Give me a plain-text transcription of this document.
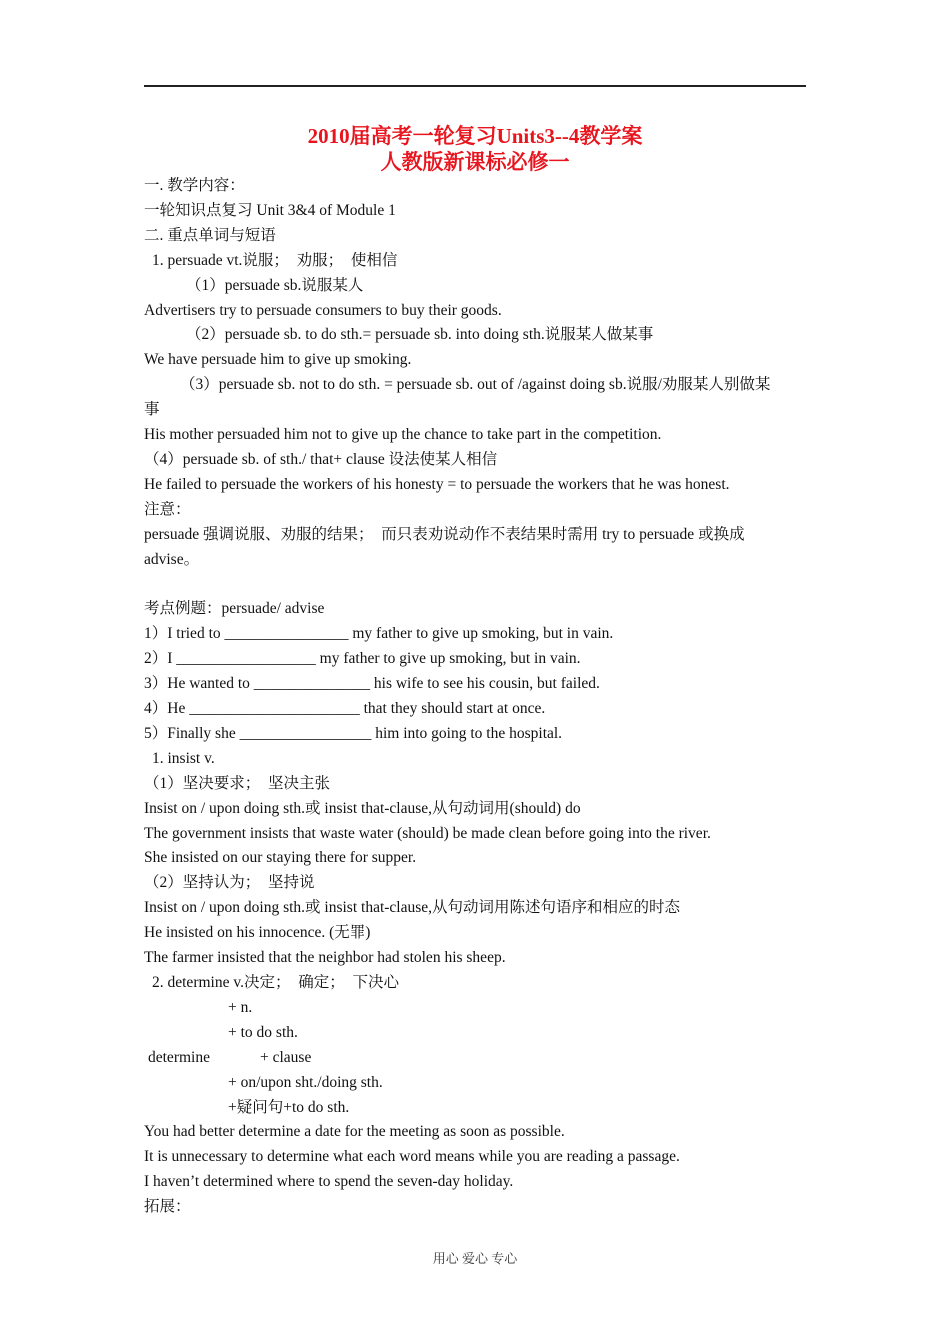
2010届高考一轮复习Units3--4教学案
人教版新课标必修一

一. 教学内容：

一轮知识点复习 Unit 3&4 of Module 1

二. 重点单词与短语

1. persuade vt.说服；  劝服；  使相信

（1）persuade sb.说服某人

Advertisers try to persuade consumers to buy their goods.

（2）persuade sb. to do sth.= persuade sb. into doing sth.说服某人做某事

We have persuade him to give up smoking.

（3）persuade sb. not to do sth. = persuade sb. out of /against doing sb.说服/劝服某人别做某

事

His mother persuaded him not to give up the chance to take part in the competition.

（4）persuade sb. of sth./ that+ clause 设法使某人相信

He failed to persuade the workers of his honesty = to persuade the workers that he was honest.

注意：

persuade 强调说服、劝服的结果；  而只表劝说动作不表结果时需用 try to persuade 或换成

advise。

考点例题：persuade/ advise

1）I tried to ________________ my father to give up smoking, but in vain.

2）I __________________ my father to give up smoking, but in vain.

3）He wanted to _______________ his wife to see his cousin, but failed.

4）He ______________________ that they should start at once.

5）Finally she _________________ him into going to the hospital.

1. insist v.

（1）坚决要求；  坚决主张

Insist on / upon doing sth.或 insist that-clause,从句动词用(should) do

The government insists that waste water (should) be made clean before going into the river.

She insisted on our staying there for supper.

（2）坚持认为；  坚持说

Insist on / upon doing sth.或 insist that-clause,从句动词用陈述句语序和相应的时态

He insisted on his innocence. (无罪)

The farmer insisted that the neighbor had stolen his sheep.

2. determine v.决定；  确定；  下决心

+ n.

+ to do sth.

determine	+ clause

+ on/upon sht./doing sth.

+疑问句+to do sth.

You had better determine a date for the meeting as soon as possible.

It is unnecessary to determine what each word means while you are reading a passage.

I haven’t determined where to spend the seven-day holiday.

拓展：

用心 爱心 专心
